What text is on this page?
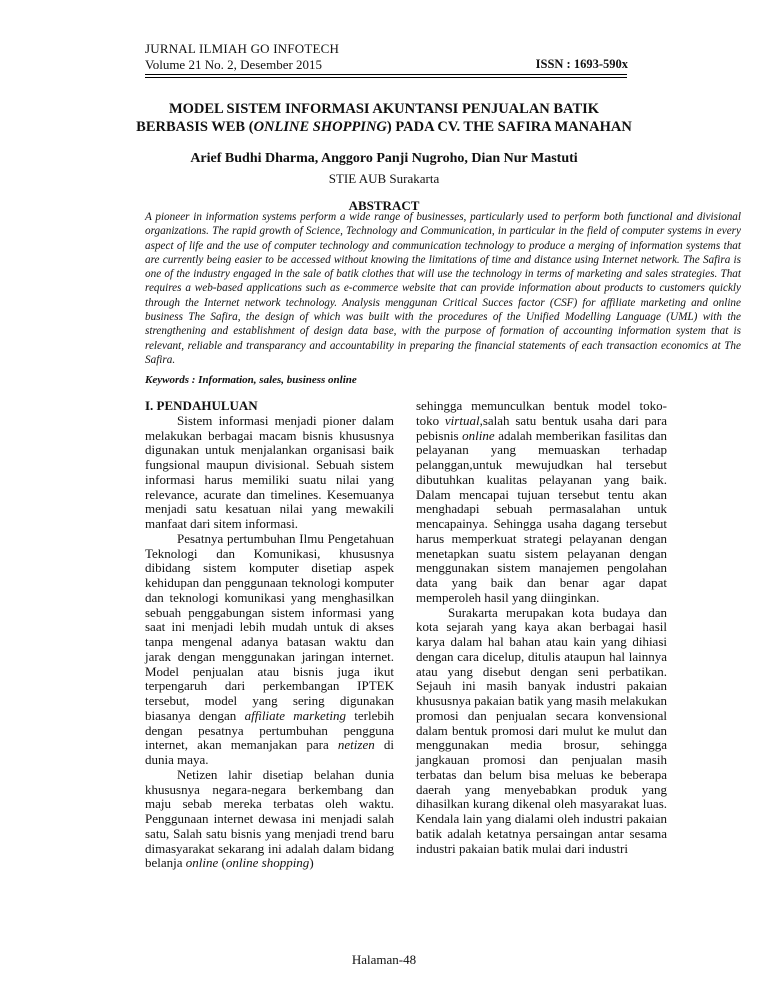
JURNAL ILMIAH GO INFOTECH
Volume 21 No. 2, Desember 2015	ISSN : 1693-590x
MODEL SISTEM INFORMASI AKUNTANSI PENJUALAN BATIK
BERBASIS WEB (ONLINE SHOPPING) PADA CV. THE SAFIRA MANAHAN
Arief Budhi Dharma, Anggoro Panji Nugroho, Dian Nur Mastuti
STIE AUB Surakarta
ABSTRACT
A pioneer in information systems perform a wide range of businesses, particularly used to perform both functional and divisional organizations. The rapid growth of Science, Technology and Communication, in particular in the field of computer systems in every aspect of life and the use of computer technology and communication technology to produce a merging of information systems that are currently being easier to be accessed without knowing the limitations of time and distance using Internet network. The Safira is one of the industry engaged in the sale of batik clothes that will use the technology in terms of marketing and sales strategies. That requires a web-based applications such as e-commerce website that can provide information about products to customers quickly through the Internet network technology. Analysis menggunan Critical Succes factor (CSF) for affiliate marketing and online business The Safira, the design of which was built with the procedures of the Unified Modelling Language (UML) with the strengthening and establishment of design data base, with the purpose of formation of accounting information system that is relevant, reliable and transparancy and accountability in preparing the financial statements of each transaction economics at The Safira.
Keywords : Information, sales, business online

I. PENDAHULUAN

Sistem informasi menjadi pioner dalam melakukan berbagai macam bisnis khususnya digunakan untuk menjalankan organisasi baik fungsional maupun divisional. Sebuah sistem informasi harus memiliki suatu nilai yang relevance, acurate dan timelines. Kesemuanya menjadi satu kesatuan nilai yang mewakili manfaat dari sitem informasi.

Pesatnya pertumbuhan Ilmu Pengetahuan Teknologi dan Komunikasi, khususnya dibidang sistem komputer disetiap aspek kehidupan dan penggunaan teknologi komputer dan teknologi komunikasi yang menghasilkan sebuah penggabungan sistem informasi yang saat ini menjadi lebih mudah untuk di akses tanpa mengenal adanya batasan waktu dan jarak dengan menggunakan jaringan internet. Model penjualan atau bisnis juga ikut terpengaruh dari perkembangan IPTEK tersebut, model yang sering digunakan biasanya dengan affiliate marketing terlebih dengan pesatnya pertumbuhan pengguna internet, akan memanjakan para netizen di dunia maya.

Netizen lahir disetiap belahan dunia khususnya negara-negara berkembang dan maju sebab mereka terbatas oleh waktu. Penggunaan internet dewasa ini menjadi salah satu, Salah satu bisnis yang menjadi trend baru dimasyarakat sekarang ini adalah dalam bidang belanja online (online shopping)

sehingga memunculkan bentuk model toko-toko virtual,salah satu bentuk usaha dari para pebisnis online adalah memberikan fasilitas dan pelayanan yang memuaskan terhadap pelanggan,untuk mewujudkan hal tersebut dibutuhkan kualitas pelayanan yang baik. Dalam mencapai tujuan tersebut tentu akan menghadapi sebuah permasalahan untuk mencapainya. Sehingga usaha dagang tersebut harus memperkuat strategi pelayanan dengan menetapkan suatu sistem pelayanan dengan menggunakan sistem manajemen pengolahan data yang baik dan benar agar dapat memperoleh hasil yang diinginkan.

Surakarta merupakan kota budaya dan kota sejarah yang kaya akan berbagai hasil karya dalam hal bahan atau kain yang dihiasi dengan cara dicelup, ditulis ataupun hal lainnya atau yang disebut dengan seni perbatikan. Sejauh ini masih banyak industri pakaian khususnya pakaian batik yang masih melakukan promosi dan penjualan secara konvensional dalam bentuk promosi dari mulut ke mulut dan menggunakan media brosur, sehingga jangkauan promosi dan penjualan masih terbatas dan belum bisa meluas ke beberapa daerah yang menyebabkan produk yang dihasilkan kurang dikenal oleh masyarakat luas. Kendala lain yang dialami oleh industri pakaian batik adalah ketatnya persaingan antar sesama industri pakaian batik mulai dari industri

Halaman-48
